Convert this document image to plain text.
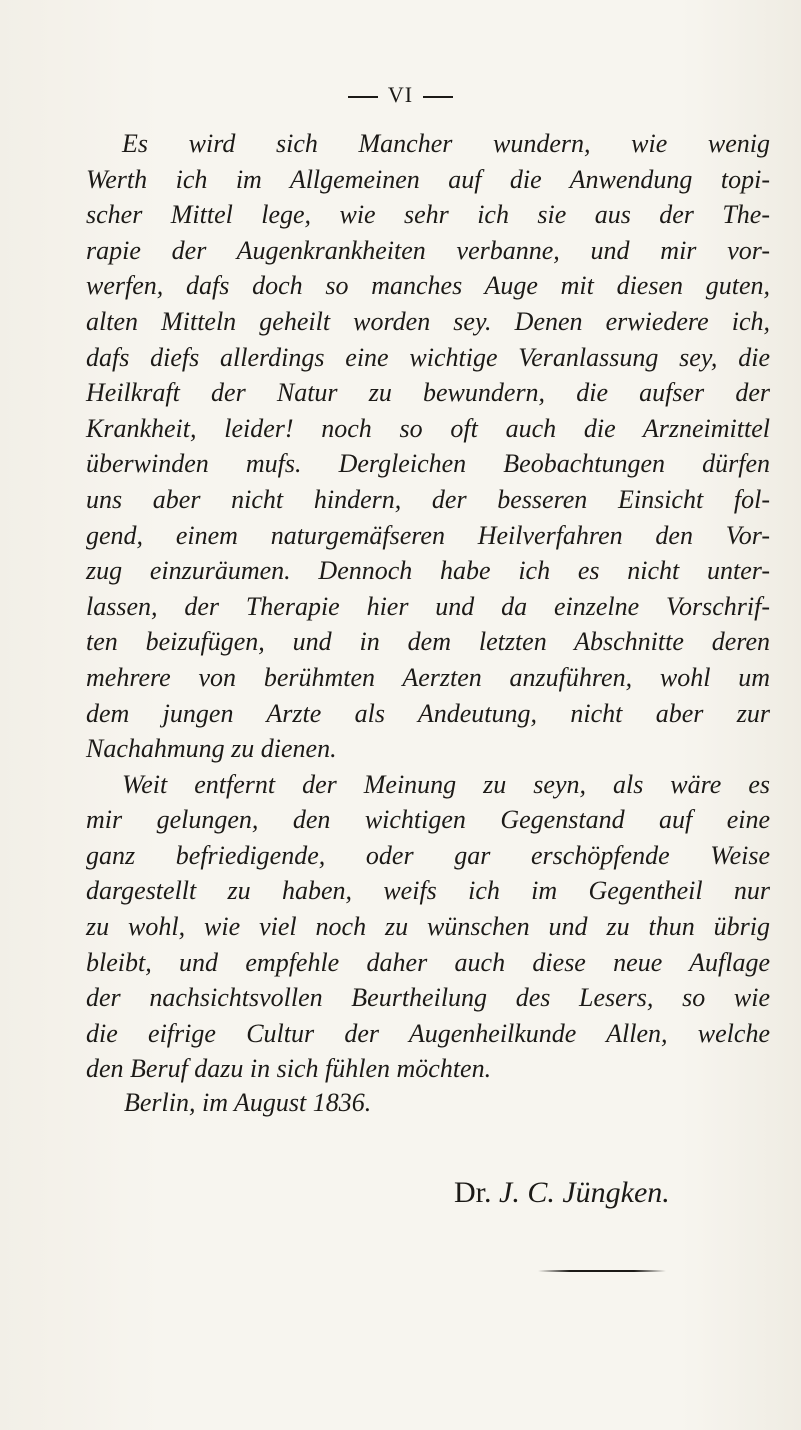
VI
Es wird sich Mancher wundern, wie wenig
Werth ich im Allgemeinen auf die Anwendung topi-
scher Mittel lege, wie sehr ich sie aus der The-
rapie der Augenkrankheiten verbanne, und mir vor-
werfen, dafs doch so manches Auge mit diesen guten,
alten Mitteln geheilt worden sey. Denen erwiedere ich,
dafs diefs allerdings eine wichtige Veranlassung sey, die
Heilkraft der Natur zu bewundern, die aufser der
Krankheit, leider! noch so oft auch die Arzneimittel
überwinden mufs. Dergleichen Beobachtungen dürfen
uns aber nicht hindern, der besseren Einsicht fol-
gend, einem naturgemäfseren Heilverfahren den Vor-
zug einzuräumen. Dennoch habe ich es nicht unter-
lassen, der Therapie hier und da einzelne Vorschrif-
ten beizufügen, und in dem letzten Abschnitte deren
mehrere von berühmten Aerzten anzuführen, wohl um
dem jungen Arzte als Andeutung, nicht aber zur
Nachahmung zu dienen.
Weit entfernt der Meinung zu seyn, als wäre es
mir gelungen, den wichtigen Gegenstand auf eine
ganz befriedigende, oder gar erschöpfende Weise
dargestellt zu haben, weifs ich im Gegentheil nur
zu wohl, wie viel noch zu wünschen und zu thun übrig
bleibt, und empfehle daher auch diese neue Auflage
der nachsichtsvollen Beurtheilung des Lesers, so wie
die eifrige Cultur der Augenheilkunde Allen, welche
den Beruf dazu in sich fühlen möchten.
Berlin, im August 1836.
Dr. J. C. Jüngken.
